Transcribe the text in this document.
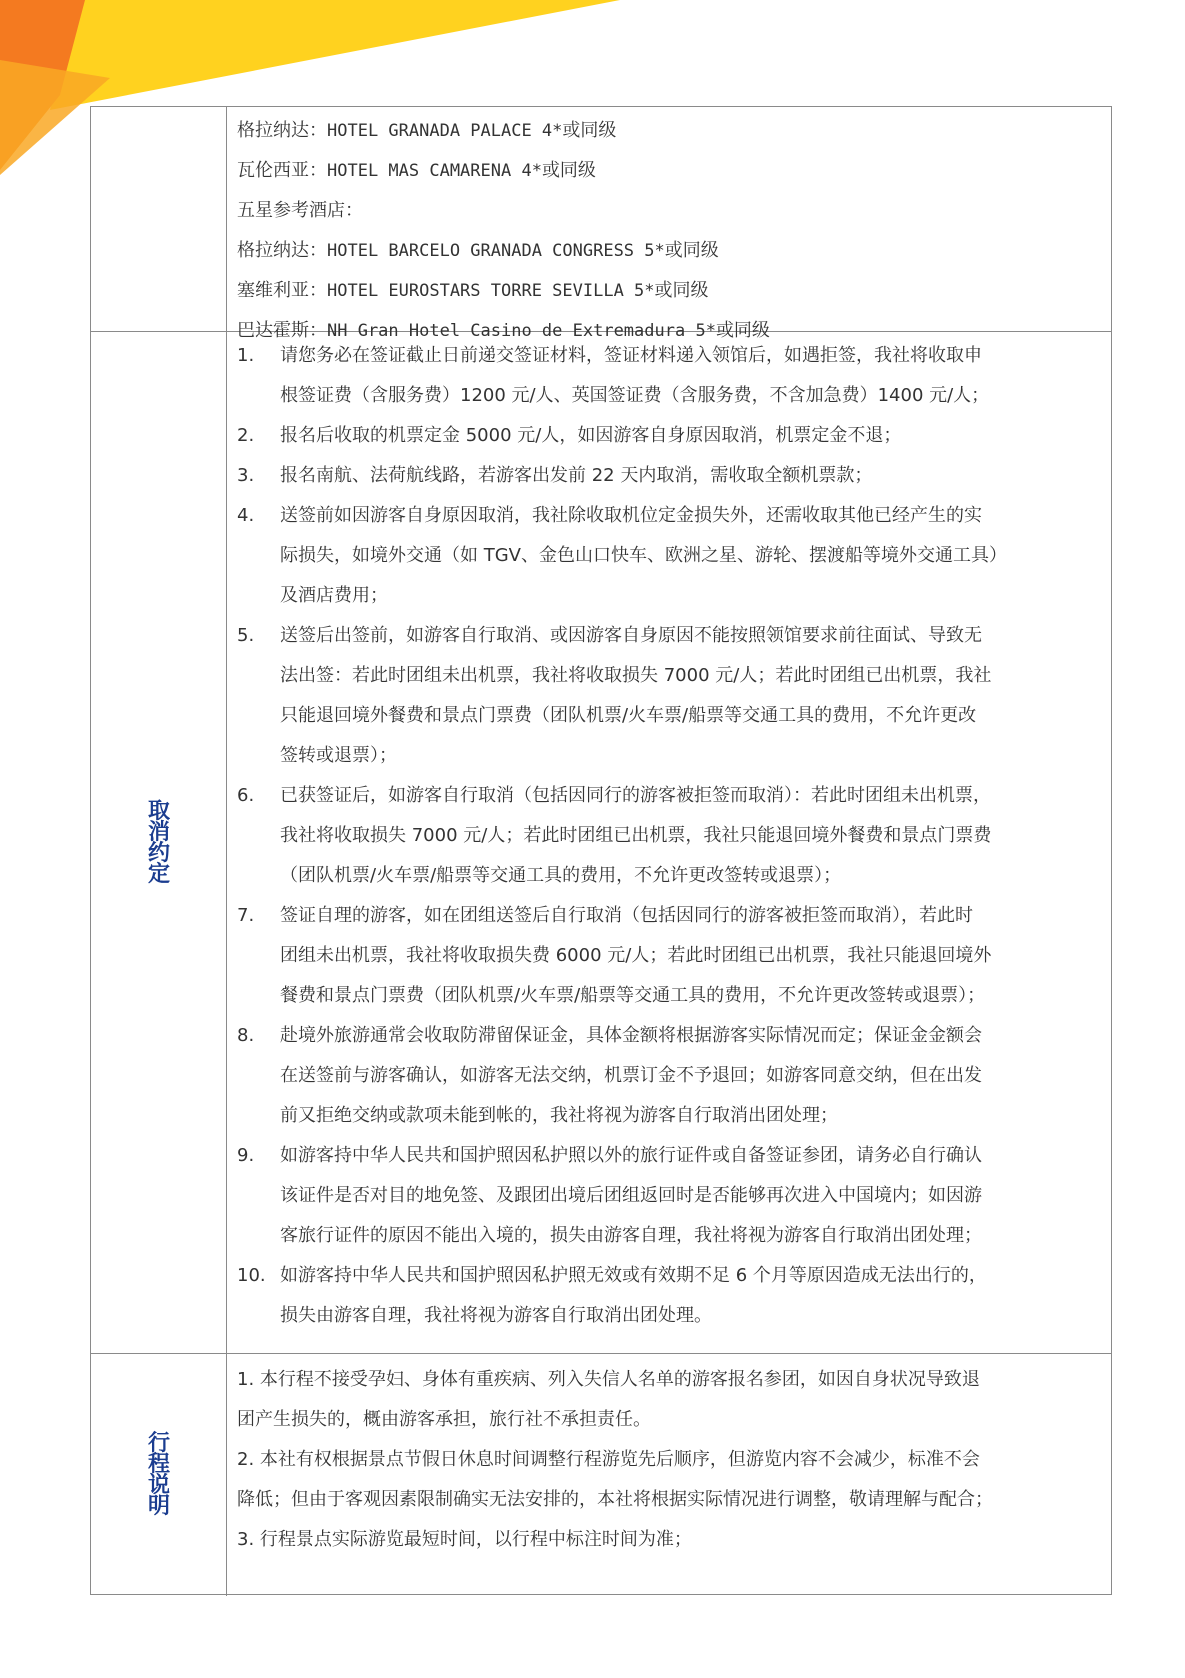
格拉纳达：HOTEL GRANADA PALACE 4*或同级
瓦伦西亚：HOTEL MAS CAMARENA 4*或同级
五星参考酒店：
格拉纳达：HOTEL BARCELO GRANADA CONGRESS 5*或同级
塞维利亚：HOTEL EUROSTARS TORRE SEVILLA 5*或同级
巴达霍斯：NH Gran Hotel Casino de Extremadura 5*或同级
取
消
约
定
1. 请您务必在签证截止日前递交签证材料，签证材料递入领馆后，如遇拒签，我社将收取申
根签证费（含服务费）1200 元/人、英国签证费（含服务费，不含加急费）1400 元/人；
2. 报名后收取的机票定金 5000 元/人，如因游客自身原因取消，机票定金不退；
3. 报名南航、法荷航线路，若游客出发前 22 天内取消，需收取全额机票款；
4. 送签前如因游客自身原因取消，我社除收取机位定金损失外，还需收取其他已经产生的实
际损失，如境外交通（如 TGV、金色山口快车、欧洲之星、游轮、摆渡船等境外交通工具）
及酒店费用；
5. 送签后出签前，如游客自行取消、或因游客自身原因不能按照领馆要求前往面试、导致无
法出签：若此时团组未出机票，我社将收取损失 7000 元/人；若此时团组已出机票，我社
只能退回境外餐费和景点门票费（团队机票/火车票/船票等交通工具的费用，不允许更改
签转或退票）；
6. 已获签证后，如游客自行取消（包括因同行的游客被拒签而取消）：若此时团组未出机票，
我社将收取损失 7000 元/人；若此时团组已出机票，我社只能退回境外餐费和景点门票费
（团队机票/火车票/船票等交通工具的费用，不允许更改签转或退票）；
7. 签证自理的游客，如在团组送签后自行取消（包括因同行的游客被拒签而取消），若此时
团组未出机票，我社将收取损失费 6000 元/人；若此时团组已出机票，我社只能退回境外
餐费和景点门票费（团队机票/火车票/船票等交通工具的费用，不允许更改签转或退票）；
8. 赴境外旅游通常会收取防滞留保证金，具体金额将根据游客实际情况而定；保证金金额会
在送签前与游客确认，如游客无法交纳，机票订金不予退回；如游客同意交纳，但在出发
前又拒绝交纳或款项未能到帐的，我社将视为游客自行取消出团处理；
9. 如游客持中华人民共和国护照因私护照以外的旅行证件或自备签证参团，请务必自行确认
该证件是否对目的地免签、及跟团出境后团组返回时是否能够再次进入中国境内；如因游
客旅行证件的原因不能出入境的，损失由游客自理，我社将视为游客自行取消出团处理；
10. 如游客持中华人民共和国护照因私护照无效或有效期不足 6 个月等原因造成无法出行的，
损失由游客自理，我社将视为游客自行取消出团处理。
行
程
说
明
1. 本行程不接受孕妇、身体有重疾病、列入失信人名单的游客报名参团，如因自身状况导致退
团产生损失的，概由游客承担，旅行社不承担责任。
2. 本社有权根据景点节假日休息时间调整行程游览先后顺序，但游览内容不会减少，标准不会
降低；但由于客观因素限制确实无法安排的，本社将根据实际情况进行调整，敬请理解与配合；
3. 行程景点实际游览最短时间，以行程中标注时间为准；
